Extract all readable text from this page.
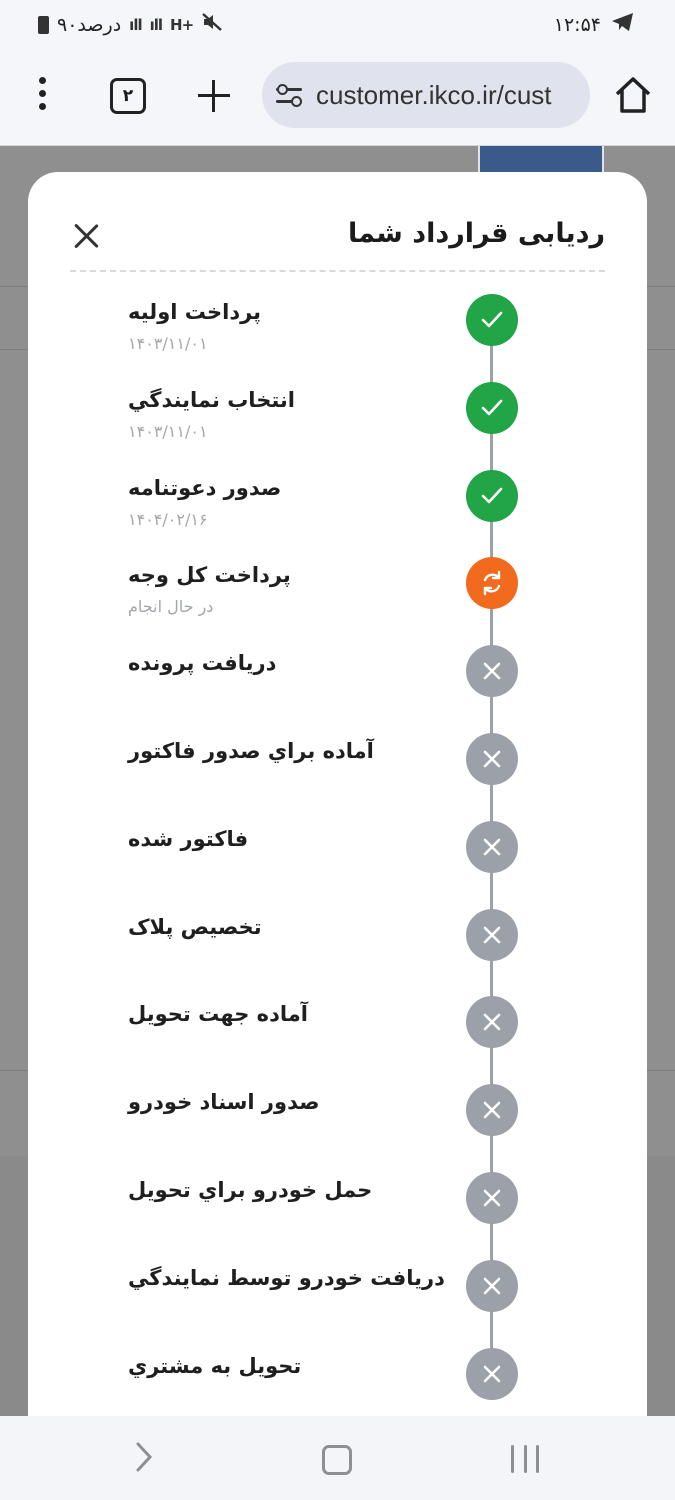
۹۰درصد ıll ıll H+	۱۲:۵۴
۲	customer.ikco.ir/cust
ردیابی قرارداد شما
پرداخت اولیه
۱۴۰۳/۱۱/۰۱
انتخاب نمايندگي
۱۴۰۳/۱۱/۰۱
صدور دعوتنامه
۱۴۰۴/۰۲/۱۶
پرداخت کل وجه
در حال انجام
دریافت پرونده
آماده براي صدور فاكتور
فاكتور شده
تخصیص پلاک
آماده جهت تحويل
صدور اسناد خودرو
حمل خودرو براي تحويل
دريافت خودرو توسط نمايندگي
تحويل به مشتري
